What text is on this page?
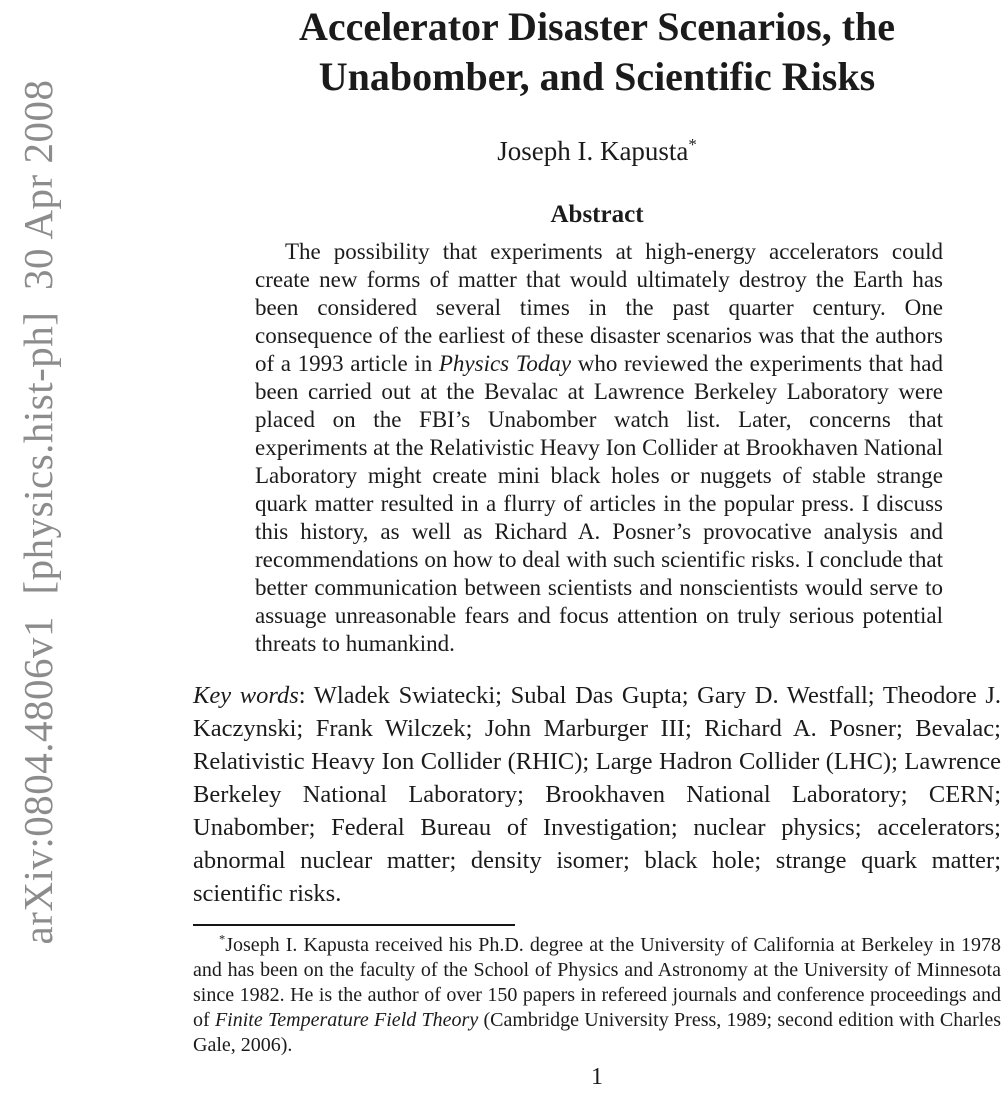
arXiv:0804.4806v1  [physics.hist-ph]  30 Apr 2008
Accelerator Disaster Scenarios, the
Unabomber, and Scientific Risks
Joseph I. Kapusta*
Abstract
The possibility that experiments at high-energy accelerators could create new forms of matter that would ultimately destroy the Earth has been considered several times in the past quarter century. One consequence of the earliest of these disaster scenarios was that the authors of a 1993 article in Physics Today who reviewed the experiments that had been carried out at the Bevalac at Lawrence Berkeley Laboratory were placed on the FBI’s Unabomber watch list. Later, concerns that experiments at the Relativistic Heavy Ion Collider at Brookhaven National Laboratory might create mini black holes or nuggets of stable strange quark matter resulted in a flurry of articles in the popular press. I discuss this history, as well as Richard A. Posner’s provocative analysis and recommendations on how to deal with such scientific risks. I conclude that better communication between scientists and nonscientists would serve to assuage unreasonable fears and focus attention on truly serious potential threats to humankind.
Key words: Wladek Swiatecki; Subal Das Gupta; Gary D. Westfall; Theodore J. Kaczynski; Frank Wilczek; John Marburger III; Richard A. Posner; Bevalac; Relativistic Heavy Ion Collider (RHIC); Large Hadron Collider (LHC); Lawrence Berkeley National Laboratory; Brookhaven National Laboratory; CERN; Unabomber; Federal Bureau of Investigation; nuclear physics; accelerators; abnormal nuclear matter; density isomer; black hole; strange quark matter; scientific risks.
*Joseph I. Kapusta received his Ph.D. degree at the University of California at Berkeley in 1978 and has been on the faculty of the School of Physics and Astronomy at the University of Minnesota since 1982. He is the author of over 150 papers in refereed journals and conference proceedings and of Finite Temperature Field Theory (Cambridge University Press, 1989; second edition with Charles Gale, 2006).
1
